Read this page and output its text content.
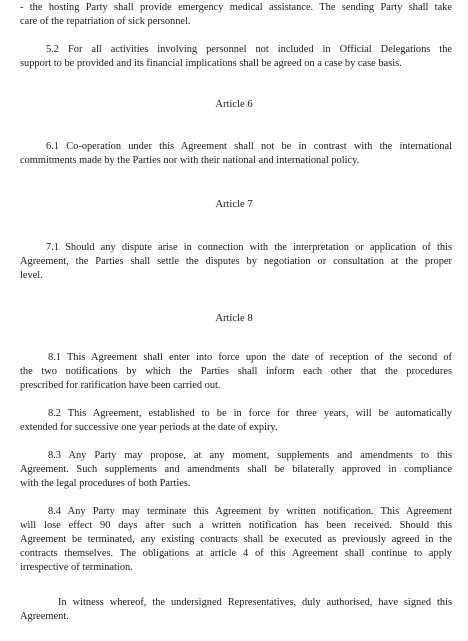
- the hosting Party shall provide emergency medical assistance. The sending Party shall take
care of the repatriation of sick personnel.
5.2 For all activities involving personnel not included in Official Delegations the
support to be provided and its financial implications shall be agreed on a case by case basis.
Article 6
6.1 Co-operation under this Agreement shall not be in contrast with the international
commitments made by the Parties nor with their national and international policy.
Article 7
7.1 Should any dispute arise in connection with the interpretation or application of this
Agreement, the Parties shall settle the disputes by negotiation or consultation at the proper
level.
Article 8
8.1 This Agreement shall enter into force upon the date of reception of the second of
the two notifications by which the Parties shall inform each other that the procedures
prescribed for ratification have been carried out.
8.2 This Agreement, established to be in force for three years, will be automatically
extended for successive one year periods at the date of expiry.
8.3 Any Party may propose, at any moment, supplements and amendments to this
Agreement. Such supplements and amendments shall be bilaterally approved in compliance
with the legal procedures of both Parties.
8.4 Any Party may terminate this Agreement by written notification. This Agreement
will lose effect 90 days after such a written notification has been received. Should this
Agreement be terminated, any existing contracts shall be executed as previously agreed in the
contracts themselves. The obligations at article 4 of this Agreement shall continue to apply
irrespective of termination.
In witness whereof, the undersigned Representatives, duly authorised, have signed this
Agreement.
